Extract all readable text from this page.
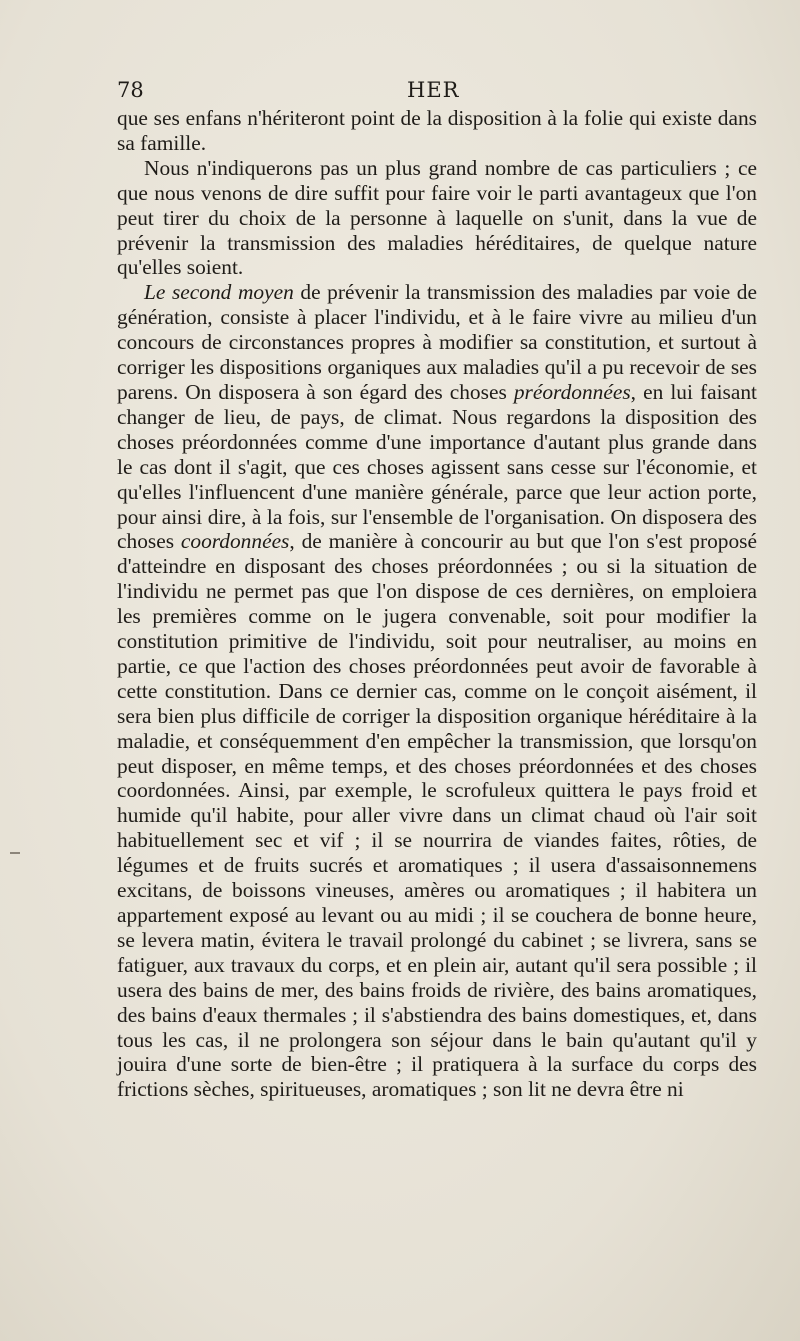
78	HER

que ses enfans n'hériteront point de la disposition à la folie qui existe dans sa famille.

Nous n'indiquerons pas un plus grand nombre de cas particuliers ; ce que nous venons de dire suffit pour faire voir le parti avantageux que l'on peut tirer du choix de la personne à laquelle on s'unit, dans la vue de prévenir la transmission des maladies héréditaires, de quelque nature qu'elles soient.

Le second moyen de prévenir la transmission des maladies par voie de génération, consiste à placer l'individu, et à le faire vivre au milieu d'un concours de circonstances propres à modifier sa constitution, et surtout à corriger les dispositions organiques aux maladies qu'il a pu recevoir de ses parens. On disposera à son égard des choses préordonnées, en lui faisant changer de lieu, de pays, de climat. Nous regardons la disposition des choses préordonnées comme d'une importance d'autant plus grande dans le cas dont il s'agit, que ces choses agissent sans cesse sur l'économie, et qu'elles l'influencent d'une manière générale, parce que leur action porte, pour ainsi dire, à la fois, sur l'ensemble de l'organisation. On disposera des choses coordonnées, de manière à concourir au but que l'on s'est proposé d'atteindre en disposant des choses préordonnées ; ou si la situation de l'individu ne permet pas que l'on dispose de ces dernières, on emploiera les premières comme on le jugera convenable, soit pour modifier la constitution primitive de l'individu, soit pour neutraliser, au moins en partie, ce que l'action des choses préordonnées peut avoir de favorable à cette constitution. Dans ce dernier cas, comme on le conçoit aisément, il sera bien plus difficile de corriger la disposition organique héréditaire à la maladie, et conséquemment d'en empêcher la transmission, que lorsqu'on peut disposer, en même temps, et des choses préordonnées et des choses coordonnées. Ainsi, par exemple, le scrofuleux quittera le pays froid et humide qu'il habite, pour aller vivre dans un climat chaud où l'air soit habituellement sec et vif ; il se nourrira de viandes faites, rôties, de légumes et de fruits sucrés et aromatiques ; il usera d'assaisonnemens excitans, de boissons vineuses, amères ou aromatiques ; il habitera un appartement exposé au levant ou au midi ; il se couchera de bonne heure, se levera matin, évitera le travail prolongé du cabinet ; se livrera, sans se fatiguer, aux travaux du corps, et en plein air, autant qu'il sera possible ; il usera des bains de mer, des bains froids de rivière, des bains aromatiques, des bains d'eaux thermales ; il s'abstiendra des bains domestiques, et, dans tous les cas, il ne prolongera son séjour dans le bain qu'autant qu'il y jouira d'une sorte de bien-être ; il pratiquera à la surface du corps des frictions sèches, spiritueuses, aromatiques ; son lit ne devra être ni
